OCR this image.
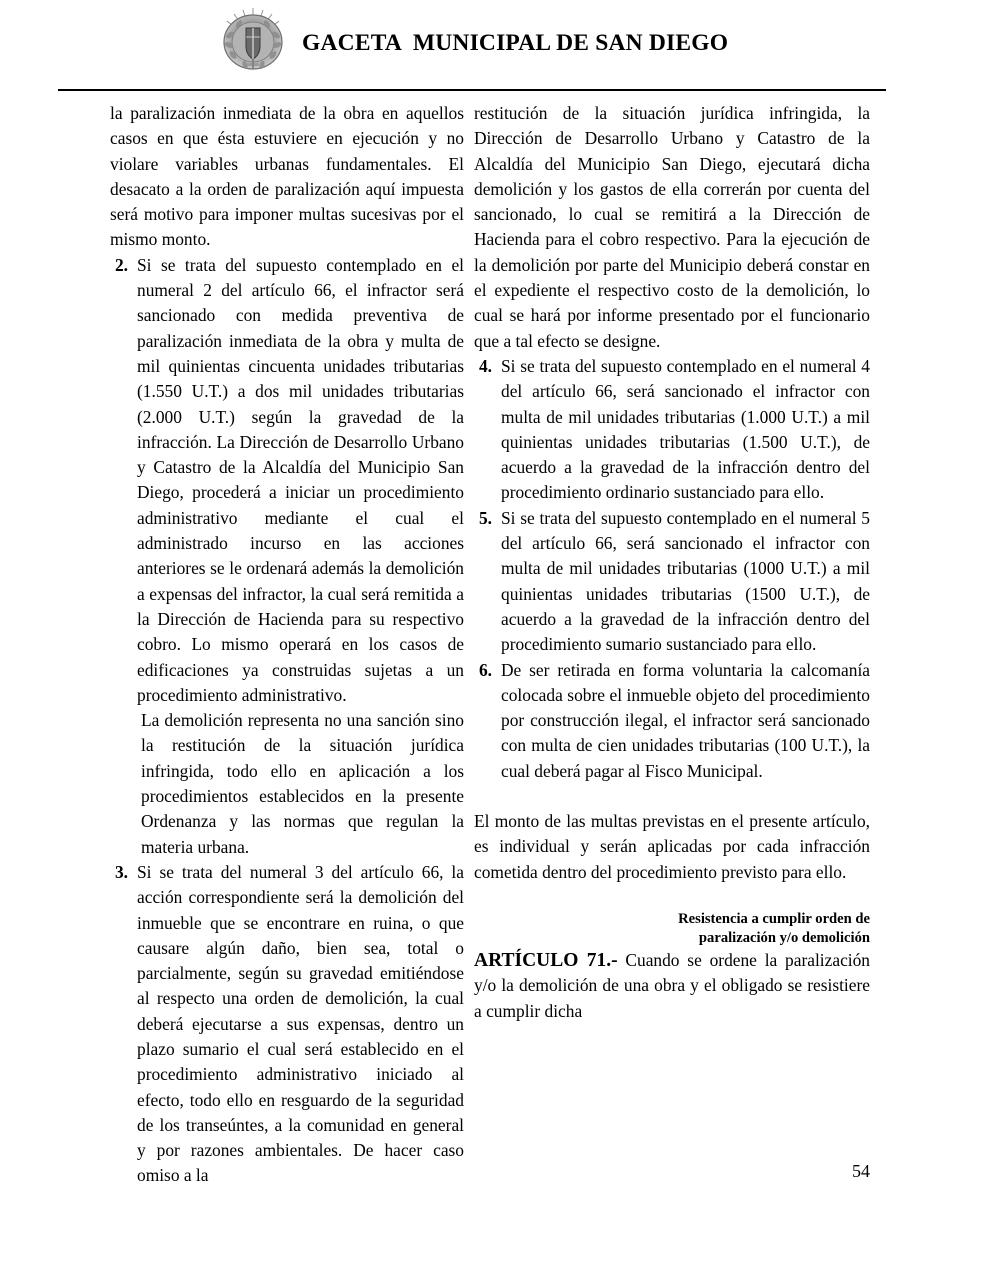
GACETA  MUNICIPAL DE SAN DIEGO

la paralización inmediata de la obra en aquellos casos en que ésta estuviere en ejecución y no violare variables urbanas fundamentales. El desacato a la orden de paralización aquí impuesta será motivo para imponer multas sucesivas por el mismo monto.

2. Si se trata del supuesto contemplado en el numeral 2 del artículo 66, el infractor será sancionado con medida preventiva de paralización inmediata de la obra y multa de mil quinientas cincuenta unidades tributarias (1.550 U.T.) a dos mil unidades tributarias (2.000 U.T.) según la gravedad de la infracción. La Dirección de Desarrollo Urbano y Catastro de la Alcaldía del Municipio San Diego, procederá a iniciar un procedimiento administrativo mediante el cual el administrado incurso en las acciones anteriores se le ordenará además la demolición a expensas del infractor, la cual será remitida a la Dirección de Hacienda para su respectivo cobro. Lo mismo operará en los casos de edificaciones ya construidas sujetas a un procedimiento administrativo.

La demolición representa no una sanción sino la restitución de la situación jurídica infringida, todo ello en aplicación a los procedimientos establecidos en la presente Ordenanza y las normas que regulan la materia urbana.

3. Si se trata del numeral 3 del artículo 66, la acción correspondiente será la demolición del inmueble que se encontrare en ruina, o que causare algún daño, bien sea, total o parcialmente, según su gravedad emitiéndose al respecto una orden de demolición, la cual deberá ejecutarse a sus expensas, dentro un plazo sumario el cual será establecido en el procedimiento administrativo iniciado al efecto, todo ello en resguardo de la seguridad de los transeúntes, a la comunidad en general y por razones ambientales. De hacer caso omiso a la

restitución de la situación jurídica infringida, la Dirección de Desarrollo Urbano y Catastro de la Alcaldía del Municipio San Diego, ejecutará dicha demolición y los gastos de ella correrán por cuenta del sancionado, lo cual se remitirá a la Dirección de Hacienda para el cobro respectivo. Para la ejecución de la demolición por parte del Municipio deberá constar en el expediente el respectivo costo de la demolición, lo cual se hará por informe presentado por el funcionario que a tal efecto se designe.

4. Si se trata del supuesto contemplado en el numeral 4 del artículo 66, será sancionado el infractor con multa de mil unidades tributarias (1.000 U.T.) a mil quinientas unidades tributarias (1.500 U.T.), de acuerdo a la gravedad de la infracción dentro del procedimiento ordinario sustanciado para ello.
5. Si se trata del supuesto contemplado en el numeral 5 del artículo 66, será sancionado el infractor con multa de mil unidades tributarias (1000 U.T.) a mil quinientas unidades tributarias (1500 U.T.), de acuerdo a la gravedad de la infracción dentro del procedimiento sumario sustanciado para ello.
6. De ser retirada en forma voluntaria la calcomanía colocada sobre el inmueble objeto del procedimiento por construcción ilegal, el infractor será sancionado con multa de cien unidades tributarias (100 U.T.), la cual deberá pagar al Fisco Municipal.

El monto de las multas previstas en el presente artículo, es individual y serán aplicadas por cada infracción cometida dentro del procedimiento previsto para ello.

Resistencia a cumplir orden de

paralización y/o demolición

ARTÍCULO 71.- Cuando se ordene la paralización y/o la demolición de una obra y el obligado se resistiere a cumplir dicha

54
